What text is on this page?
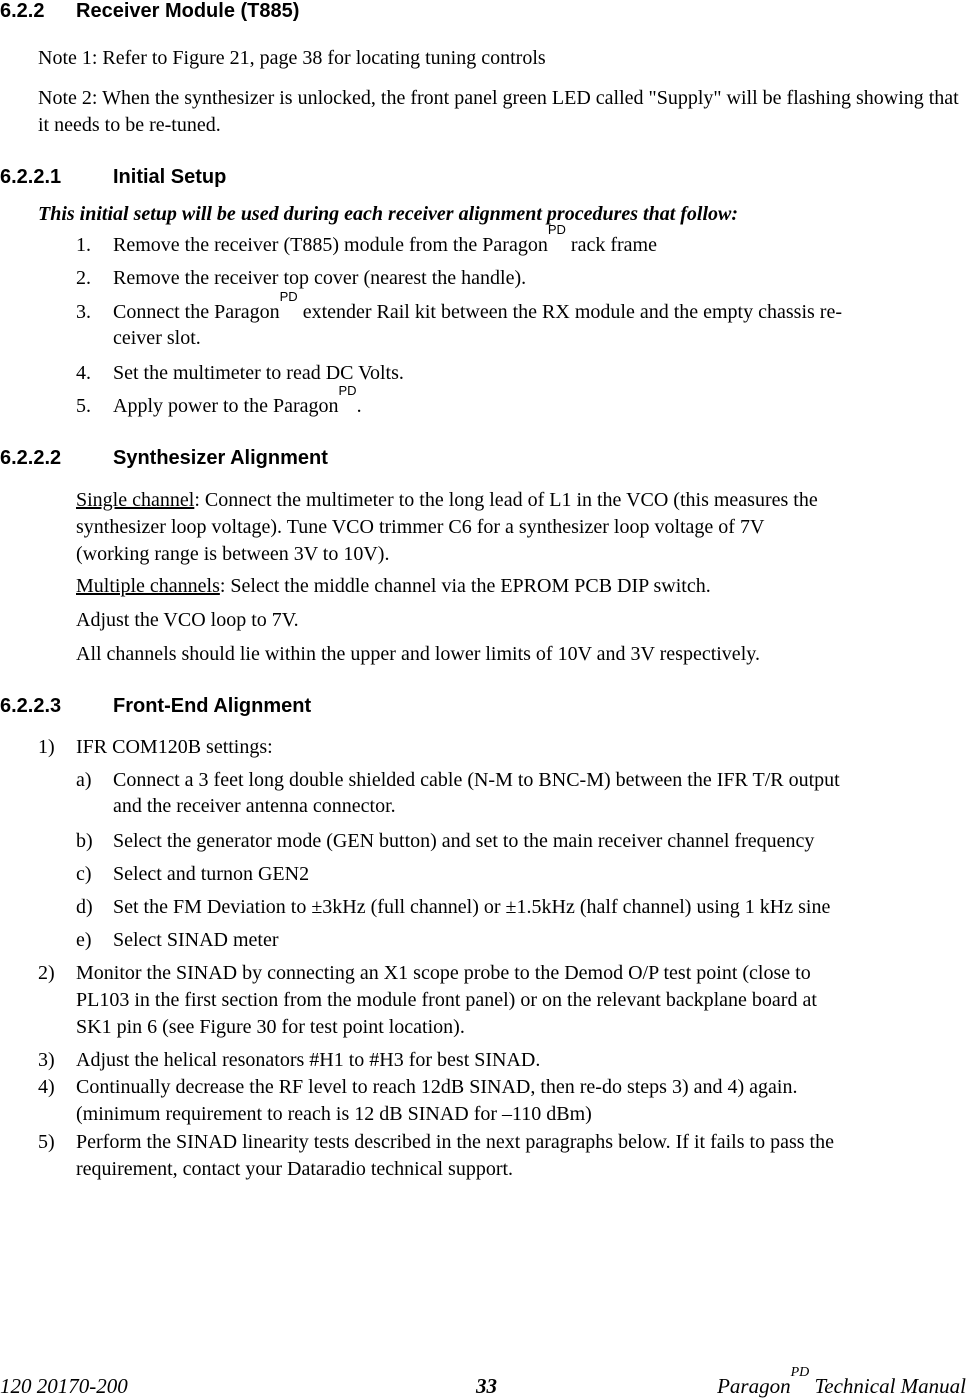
6.2.2 Receiver Module (T885)
Note 1: Refer to Figure 21, page 38 for locating tuning controls
Note 2: When the synthesizer is unlocked, the front panel green LED called "Supply" will be flashing showing that it needs to be re-tuned.
6.2.2.1	Initial Setup
This initial setup will be used during each receiver alignment procedures that follow:
1. Remove the receiver (T885) module from the Paragon$^{PD}$ rack frame
2. Remove the receiver top cover (nearest the handle).
3. Connect the Paragon$^{PD}$ extender Rail kit between the RX module and the empty chassis re-
ceiver slot.
4. Set the multimeter to read DC Volts.
5. Apply power to the Paragon$^{PD}$.
6.2.2.2	Synthesizer Alignment
Single channel: Connect the multimeter to the long lead of L1 in the VCO (this measures the
synthesizer loop voltage). Tune VCO trimmer C6 for a synthesizer loop voltage of 7V
(working range is between 3V to 10V).
Multiple channels: Select the middle channel via the EPROM PCB DIP switch.
Adjust the VCO loop to 7V.
All channels should lie within the upper and lower limits of 10V and 3V respectively.
6.2.2.3	Front-End Alignment
1) IFR COM120B settings:
a) Connect a 3 feet long double shielded cable (N-M to BNC-M) between the IFR T/R output
and the receiver antenna connector.
b) Select the generator mode (GEN button) and set to the main receiver channel frequency
c) Select and turnon GEN2
d) Set the FM Deviation to ±3kHz (full channel) or ±1.5kHz (half channel) using 1 kHz sine
e) Select SINAD meter
2) Monitor the SINAD by connecting an X1 scope probe to the Demod O/P test point (close to
PL103 in the first section from the module front panel) or on the relevant backplane board at
SK1 pin 6 (see Figure 30 for test point location).
3) Adjust the helical resonators #H1 to #H3 for best SINAD.
4) Continually decrease the RF level to reach 12dB SINAD, then re-do steps 3) and 4) again.
(minimum requirement to reach is 12 dB SINAD for –110 dBm)
5) Perform the SINAD linearity tests described in the next paragraphs below. If it fails to pass the
requirement, contact your Dataradio technical support.
120 20170-200	33	Paragon$^{PD}$ Technical Manual
